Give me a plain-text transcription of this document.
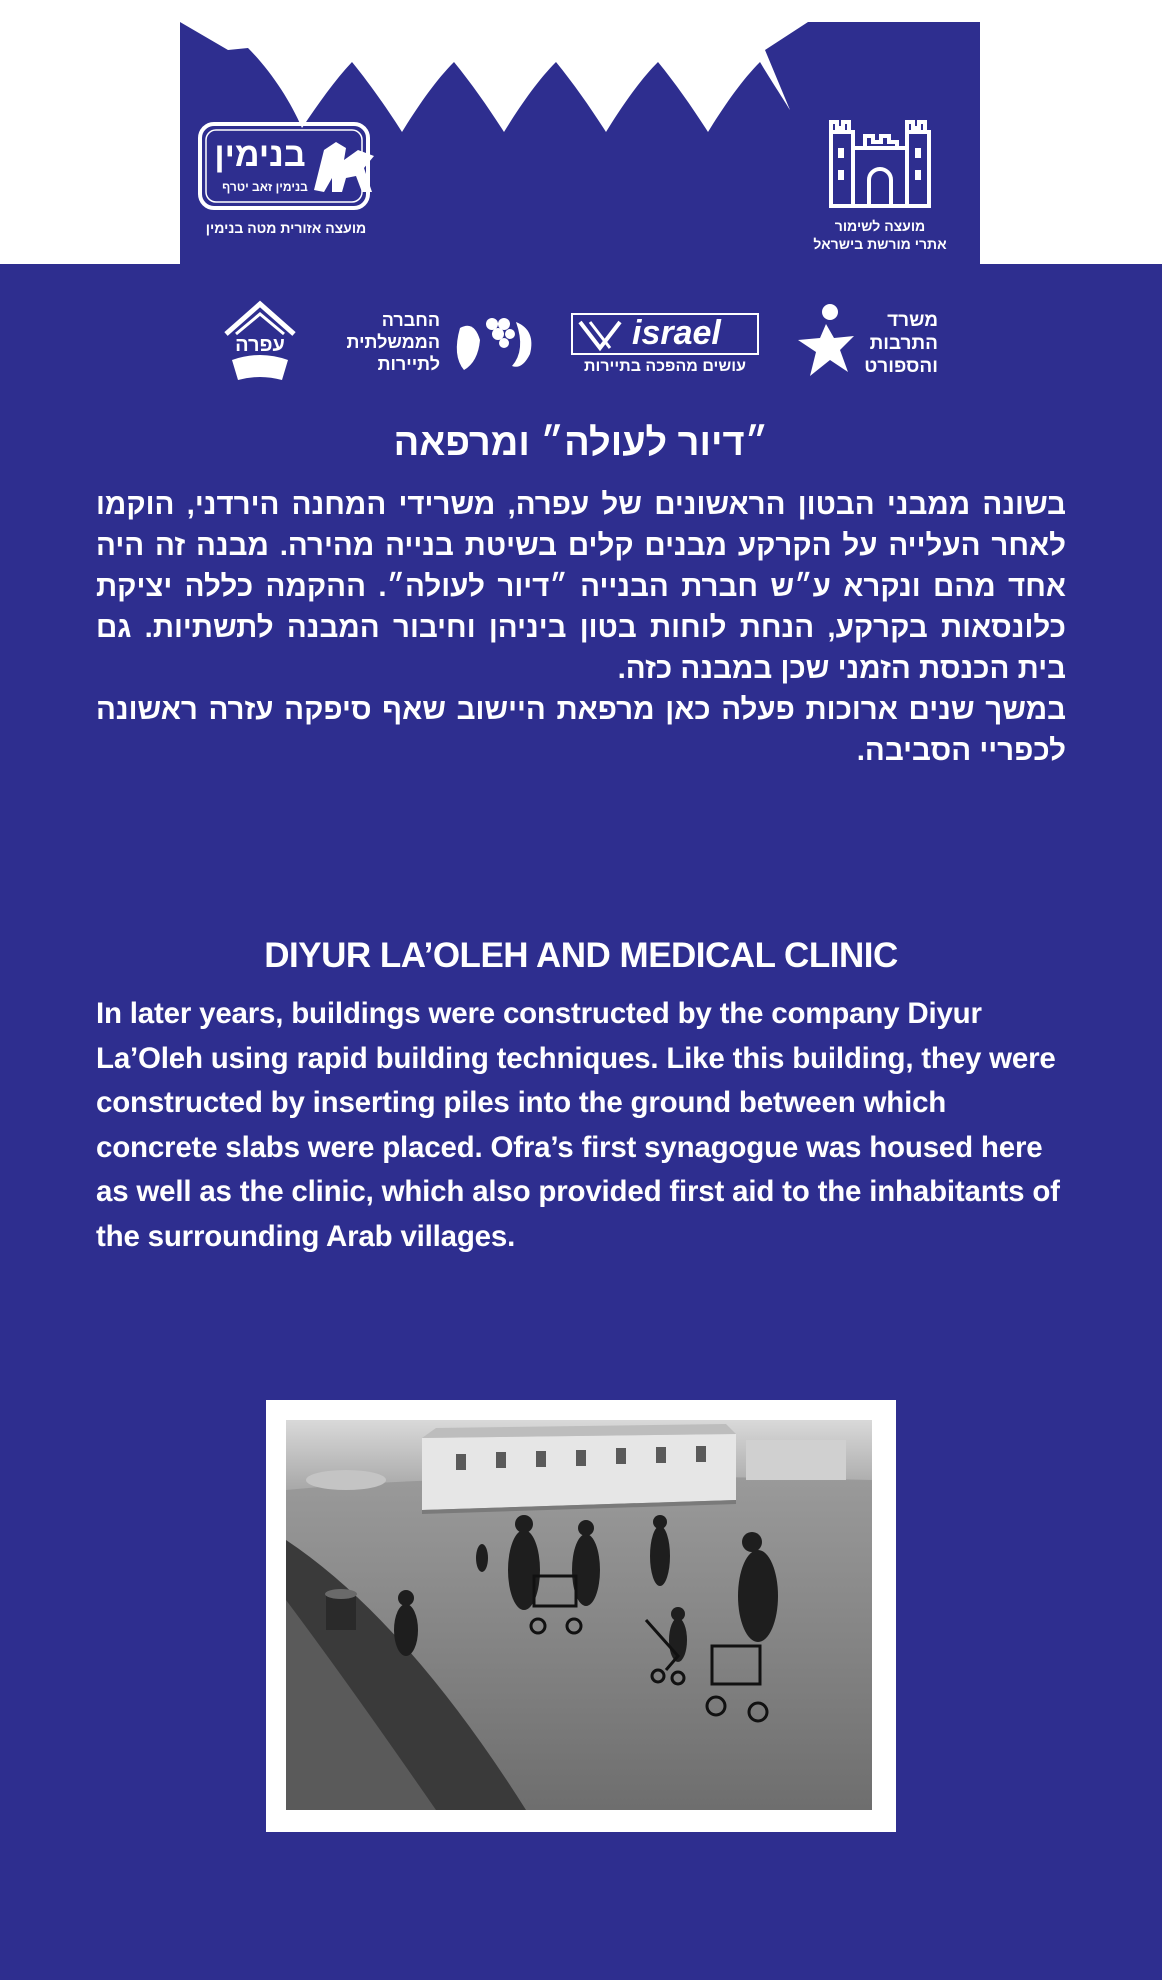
בנימין
בנימין זאב יטרף
מועצה אזורית מטה בנימין	מועצה לשימור
אתרי מורשת בישראל
עפרה
החברה
הממשלתית
לתיירות
israel
עושים מהפכה בתיירות
משרד
התרבות
והספורט
״דיור לעולה״ ומרפאה

בשונה ממבני הבטון הראשונים של עפרה, משרידי המחנה הירדני, הוקמו לאחר העלייה על הקרקע מבנים קלים בשיטת בנייה מהירה. מבנה זה היה אחד מהם ונקרא ע״ש חברת הבנייה ״דיור לעולה״. ההקמה כללה יציקת כלונסאות בקרקע, הנחת לוחות בטון ביניהן וחיבור המבנה לתשתיות. גם בית הכנסת הזמני שכן במבנה כזה.

במשך שנים ארוכות פעלה כאן מרפאת היישוב שאף סיפקה עזרה ראשונה לכפריי הסביבה.

DIYUR LA’OLEH AND MEDICAL CLINIC

In later years, buildings were constructed by the company Diyur La’Oleh using rapid building techniques. Like this building, they were constructed by inserting piles into the ground between which concrete slabs were placed. Ofra’s first synagogue was housed here as well as the clinic, which also provided first aid to the inhabitants of the surrounding Arab villages.
